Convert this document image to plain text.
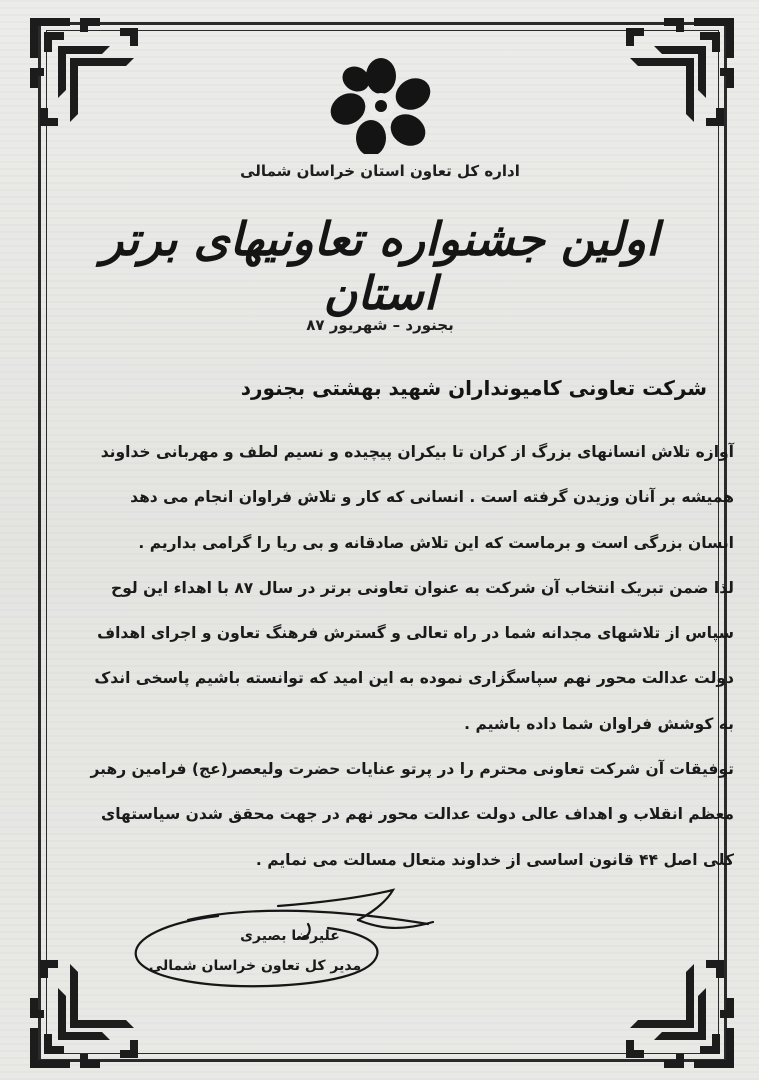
اداره کل تعاون استان خراسان شمالی
اولین جشنواره تعاونیهای برتر استان
بجنورد – شهریور ۸۷
شرکت تعاونی کامیونداران شهید بهشتی بجنورد

آوازه تلاش انسانهای بزرگ از کران تا بیکران پیچیده و نسیم لطف و مهربانی خداوند همیشه بر آنان وزیدن گرفته است . انسانی که کار و تلاش فراوان انجام می دهد انسان بزرگی است و برماست که این تلاش صادقانه و بی ریا را گرامی بداریم .

لذا ضمن تبریک انتخاب آن شرکت به عنوان تعاونی برتر در سال ۸۷ با اهداء این لوح سپاس از تلاشهای مجدانه شما در راه تعالی و گسترش فرهنگ تعاون و اجرای اهداف دولت عدالت محور نهم سپاسگزاری نموده به این امید که توانسته باشیم پاسخی اندک به کوشش فراوان شما داده باشیم .

توفیقات آن شرکت تعاونی محترم را در پرتو عنایات حضرت ولیعصر(عج) فرامین رهبر معظم انقلاب و اهداف عالی دولت عدالت محور نهم در جهت محقق شدن سیاستهای کلی اصل ۴۴ قانون اساسی از خداوند متعال مسالت می نمایم .

علیرضا بصیری
مدیر کل تعاون خراسان شمالی
